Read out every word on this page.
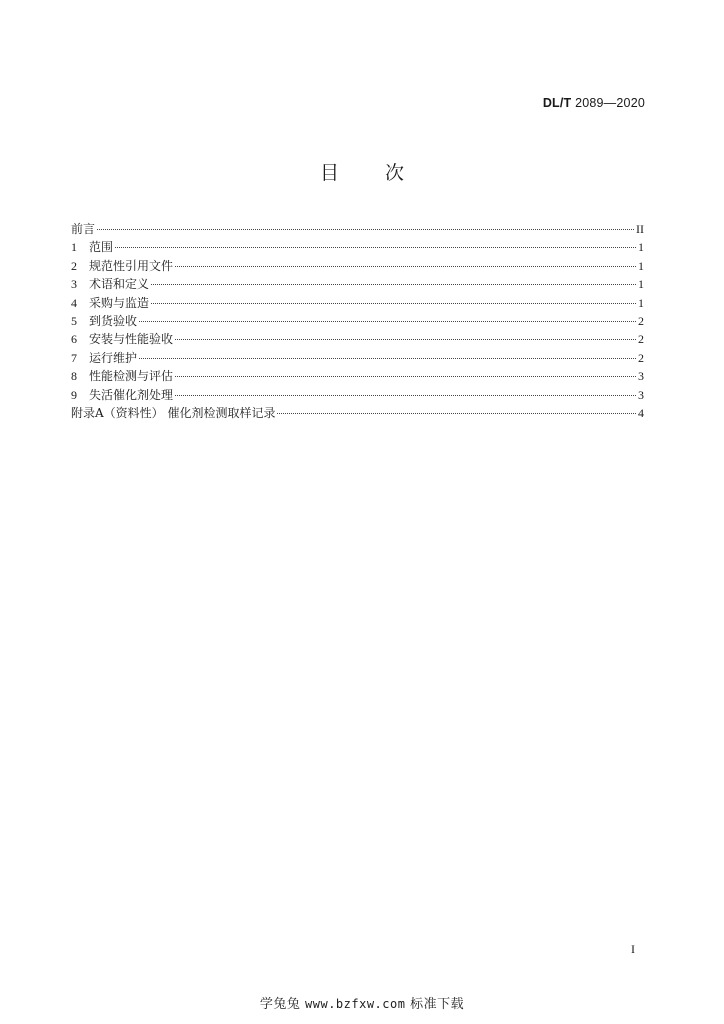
DL/T 2089—2020
目次
前言	II
1	范围	1
2	规范性引用文件	1
3	术语和定义	1
4	采购与监造	1
5	到货验收	2
6	安装与性能验收	2
7	运行维护	2
8	性能检测与评估	3
9	失活催化剂处理	3
附录A（资料性） 催化剂检测取样记录	4
I
学兔兔 www.bzfxw.com 标准下载
